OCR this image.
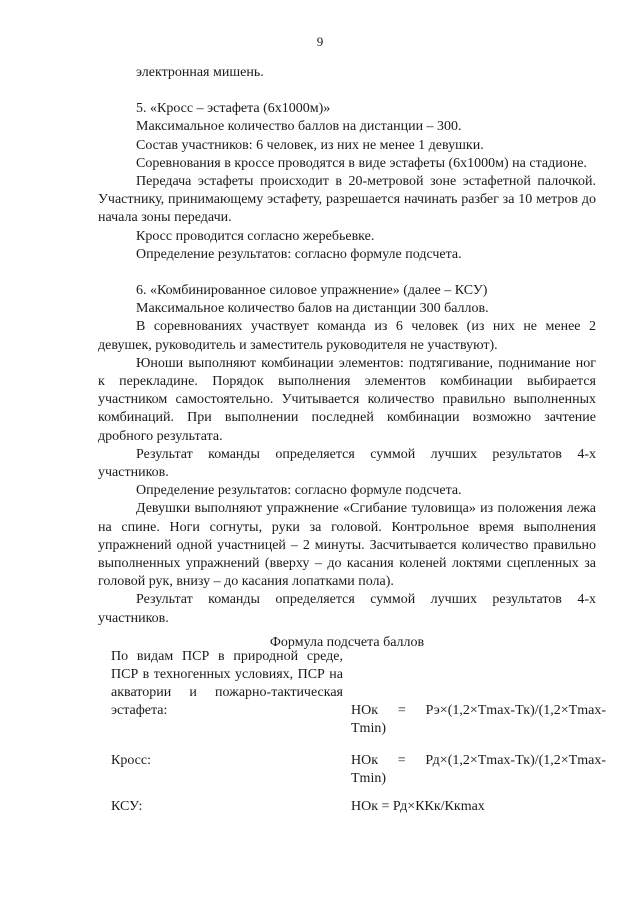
9

электронная мишень.

5. «Кросс – эстафета (6х1000м)»

Максимальное количество баллов на дистанции – 300.

Состав участников: 6 человек, из них не менее 1 девушки.

Соревнования в кроссе проводятся в виде эстафеты (6х1000м) на стадионе.

Передача эстафеты происходит в 20-метровой зоне эстафетной палочкой. Участнику, принимающему эстафету, разрешается начинать разбег за 10 метров до начала зоны передачи.

Кросс проводится согласно жеребьевке.

Определение результатов: согласно формуле подсчета.

6. «Комбинированное силовое упражнение» (далее – КСУ)

Максимальное количество балов на дистанции 300 баллов.

В соревнованиях участвует команда из 6 человек (из них не менее 2 девушек, руководитель и заместитель руководителя не участвуют).

Юноши выполняют комбинации элементов: подтягивание, поднимание ног к перекладине. Порядок выполнения элементов комбинации выбирается участником самостоятельно. Учитывается количество правильно выполненных комбинаций. При выполнении последней комбинации возможно зачтение дробного результата.

Результат команды определяется суммой лучших результатов 4-х участников.

Определение результатов: согласно формуле подсчета.

Девушки выполняют упражнение «Сгибание туловища» из положения лежа на спине. Ноги согнуты, руки за головой. Контрольное время выполнения упражнений одной участницей – 2 минуты. Засчитывается количество правильно выполненных упражнений (вверху – до касания коленей локтями сцепленных за головой рук, внизу – до касания лопатками пола).

Результат команды определяется суммой лучших результатов 4-х участников.

Формула подсчета баллов

По видам ПСР в природной среде, ПСР в техногенных условиях, ПСР на акватории и пожарно-тактическая эстафета:	НОк = Рэ×(1,2×Tmax-Тк)/(1,2×Tmax-Tmin)
Кросс:	НОк = Рд×(1,2×Tmax-Тк)/(1,2×Tmax-Tmin)
КСУ:	НОк = Рд×ККк/Ккmax
